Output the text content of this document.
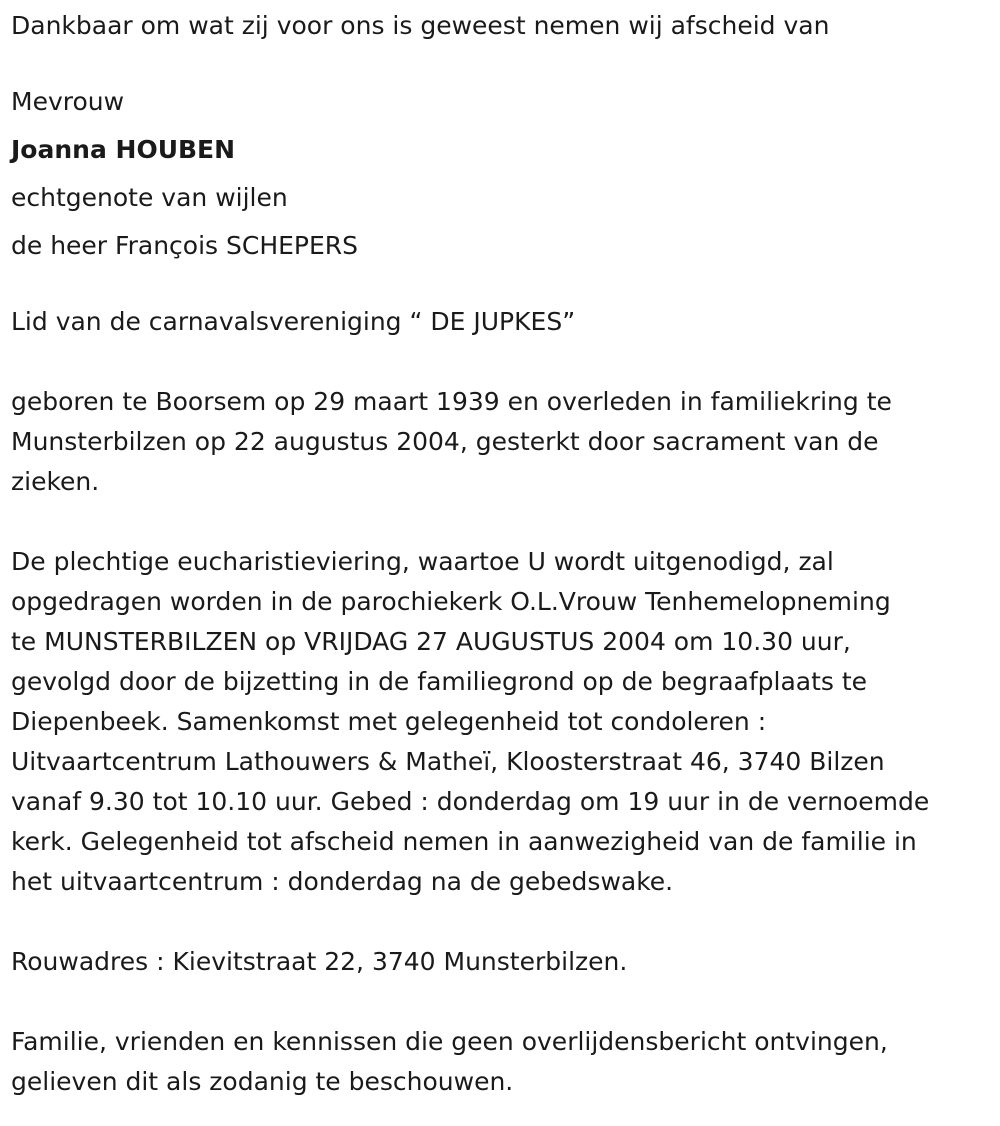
Dankbaar om wat zij voor ons is geweest nemen wij afscheid van
Mevrouw
Joanna HOUBEN
echtgenote van wijlen
de heer François SCHEPERS
Lid van de carnavalsvereniging “ DE JUPKES”
geboren te Boorsem op 29 maart 1939 en overleden in familiekring te
Munsterbilzen op 22 augustus 2004, gesterkt door sacrament van de
zieken.
De plechtige eucharistieviering, waartoe U wordt uitgenodigd, zal
opgedragen worden in de parochiekerk O.L.Vrouw Tenhemelopneming
te MUNSTERBILZEN op VRIJDAG 27 AUGUSTUS 2004 om 10.30 uur,
gevolgd door de bijzetting in de familiegrond op de begraafplaats te
Diepenbeek. Samenkomst met gelegenheid tot condoleren :
Uitvaartcentrum Lathouwers & Matheï, Kloosterstraat 46, 3740 Bilzen
vanaf 9.30 tot 10.10 uur. Gebed : donderdag om 19 uur in de vernoemde
kerk. Gelegenheid tot afscheid nemen in aanwezigheid van de familie in
het uitvaartcentrum : donderdag na de gebedswake.
Rouwadres : Kievitstraat 22, 3740 Munsterbilzen.
Familie, vrienden en kennissen die geen overlijdensbericht ontvingen,
gelieven dit als zodanig te beschouwen.
